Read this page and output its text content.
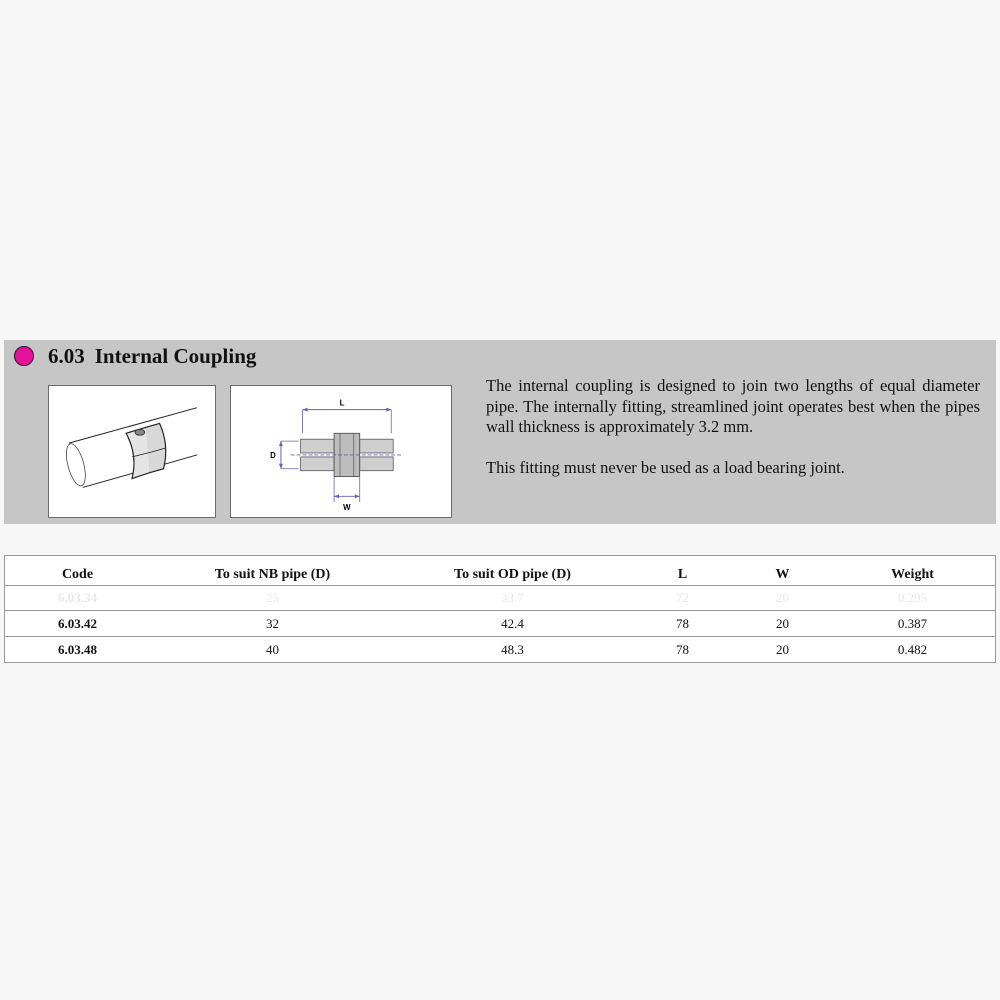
6.03 Internal Coupling
L
D
W

The internal coupling is designed to join two lengths of equal diameter pipe. The internally fitting, streamlined joint operates best when the pipes wall thickness is approximately 3.2 mm.

This fitting must never be used as a load bearing joint.

Code	To suit NB pipe (D)	To suit OD pipe (D)	L	W	Weight
6.03.34	25	33.7	72	20	0.295
6.03.42	32	42.4	78	20	0.387
6.03.48	40	48.3	78	20	0.482
